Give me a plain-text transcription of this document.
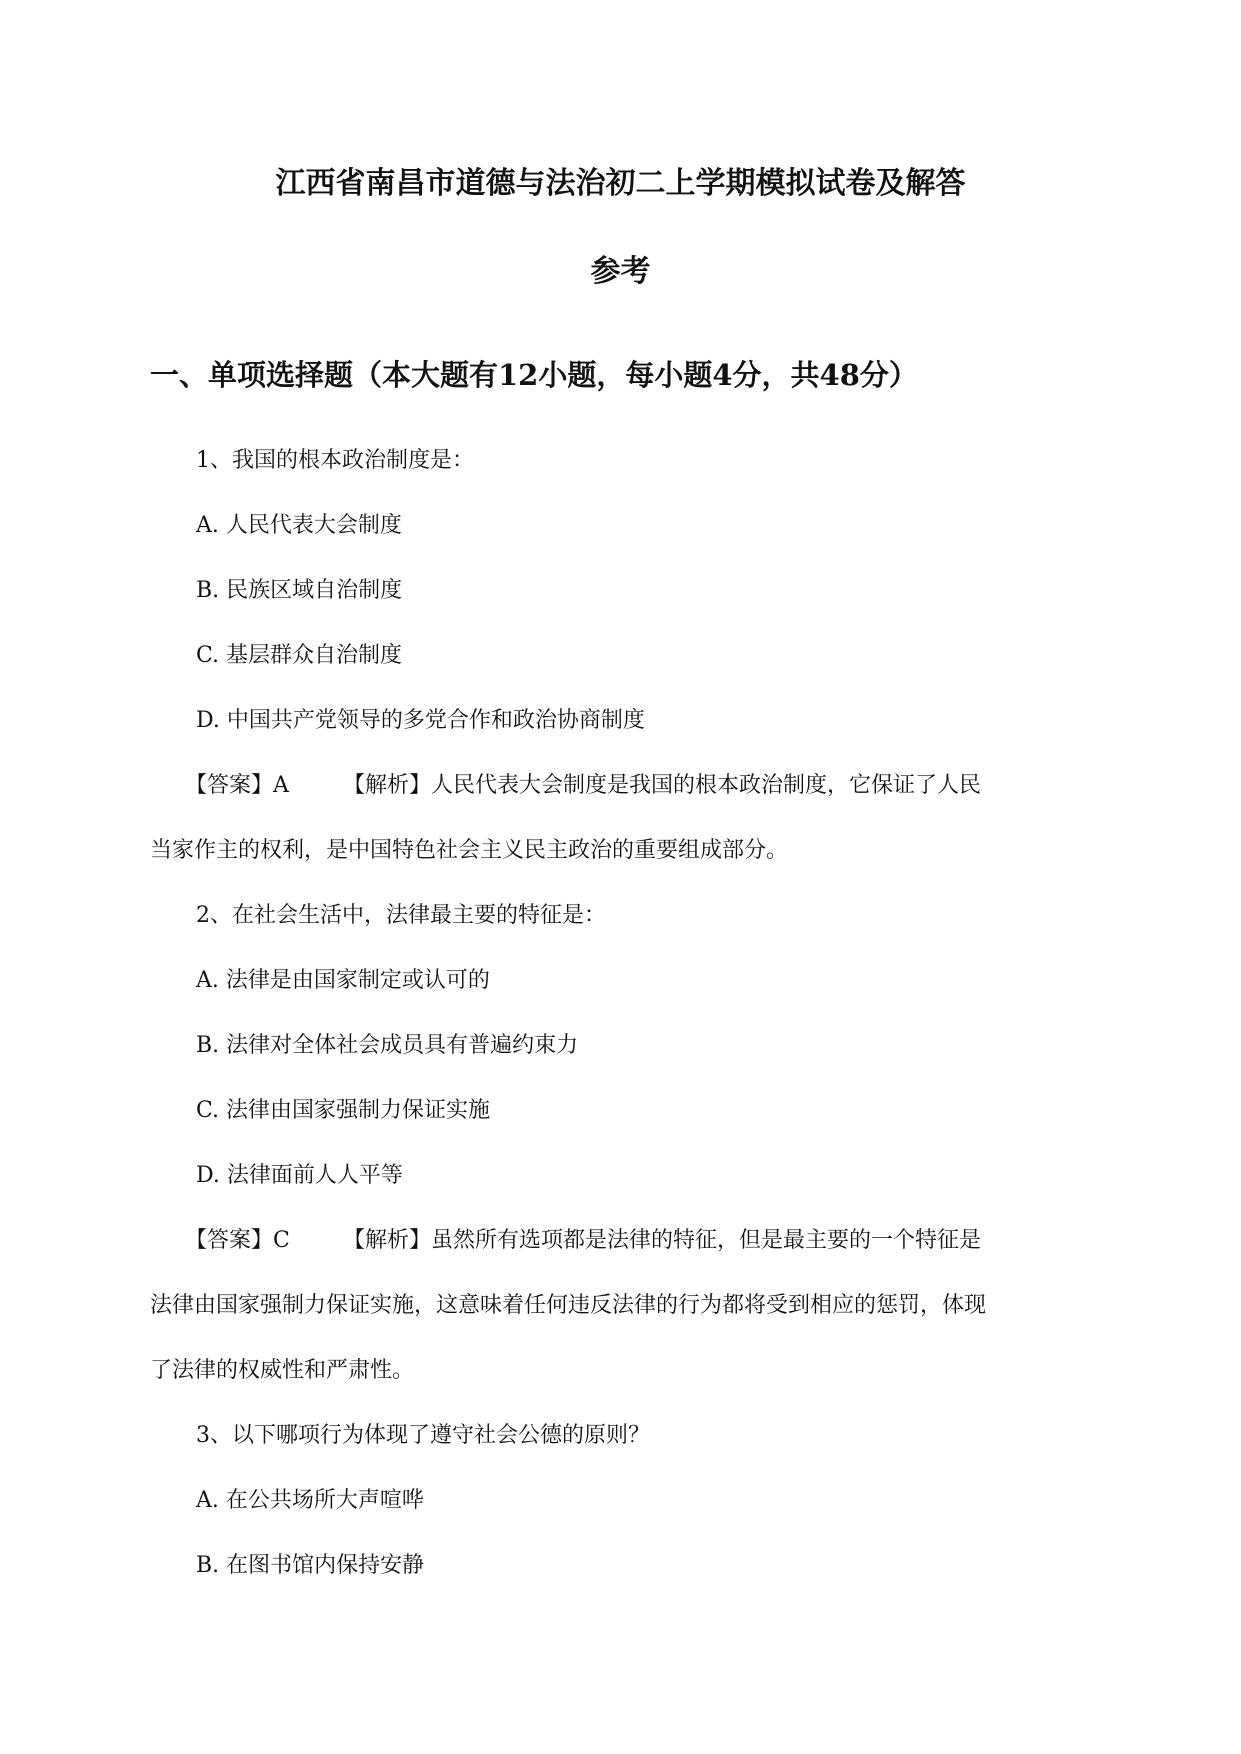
江西省南昌市道德与法治初二上学期模拟试卷及解答
参考
一、单项选择题（本大题有12小题，每小题4分，共48分）
1、我国的根本政治制度是：
A. 人民代表大会制度
B. 民族区域自治制度
C. 基层群众自治制度
D. 中国共产党领导的多党合作和政治协商制度
【答案】A 【解析】人民代表大会制度是我国的根本政治制度，它保证了人民
当家作主的权利，是中国特色社会主义民主政治的重要组成部分。
2、在社会生活中，法律最主要的特征是：
A. 法律是由国家制定或认可的
B. 法律对全体社会成员具有普遍约束力
C. 法律由国家强制力保证实施
D. 法律面前人人平等
【答案】C 【解析】虽然所有选项都是法律的特征，但是最主要的一个特征是
法律由国家强制力保证实施，这意味着任何违反法律的行为都将受到相应的惩罚，体现
了法律的权威性和严肃性。
3、以下哪项行为体现了遵守社会公德的原则？
A. 在公共场所大声喧哗
B. 在图书馆内保持安静
